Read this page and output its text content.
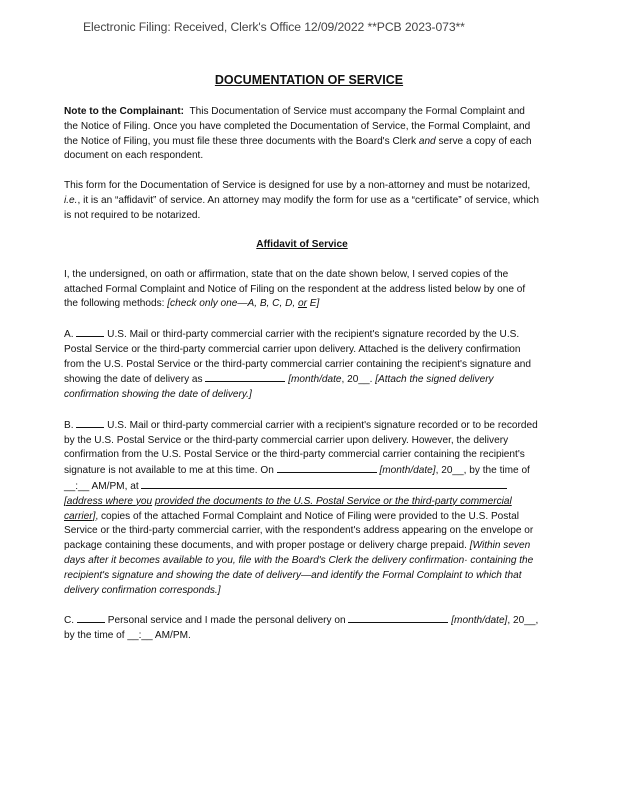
Electronic Filing: Received, Clerk's Office 12/09/2022 **PCB 2023-073**
DOCUMENTATION OF SERVICE

Note to the Complainant: This Documentation of Service must accompany the Formal Complaint and the Notice of Filing. Once you have completed the Documentation of Service, the Formal Complaint, and the Notice of Filing, you must file these three documents with the Board's Clerk and serve a copy of each document on each respondent.

This form for the Documentation of Service is designed for use by a non-attorney and must be notarized, i.e., it is an “affidavit” of service. An attorney may modify the form for use as a “certificate” of service, which is not required to be notarized.

Affidavit of Service

I, the undersigned, on oath or affirmation, state that on the date shown below, I served copies of the attached Formal Complaint and Notice of Filing on the respondent at the address listed below by one of the following methods: [check only one—A, B, C, D, or E]

A.	U.S. Mail or third-party commercial carrier with the recipient's signature recorded by the U.S. Postal Service or the third-party commercial carrier upon delivery. Attached is the delivery confirmation from the U.S. Postal Service or the third-party commercial carrier containing the recipient's signature and showing the date of delivery as	[month/date, 20__. [Attach the signed delivery confirmation showing the date of delivery.]

B.	U.S. Mail or third-party commercial carrier with a recipient's signature recorded or to be recorded by the U.S. Postal Service or the third-party commercial carrier upon delivery. However, the delivery confirmation from the U.S. Postal Service or the third-party commercial carrier containing the recipient's signature is not available to me at this time. On	[month/date], 20__, by the time of __:__ AM/PM, at  [address where you provided the documents to the U.S. Postal Service or the third-party commercial carrier], copies of the attached Formal Complaint and Notice of Filing were provided to the U.S. Postal Service or the third-party commercial carrier, with the respondent's address appearing on the envelope or package containing these documents, and with proper postage or delivery charge prepaid. [Within seven days after it becomes available to you, file with the Board's Clerk the delivery confirmation· containing the recipient's signature and showing the date of delivery—and identify the Formal Complaint to which that delivery confirmation corresponds.]

C.	Personal service and I made the personal delivery on	[month/date], 20__, by the time of __:__ AM/PM.
